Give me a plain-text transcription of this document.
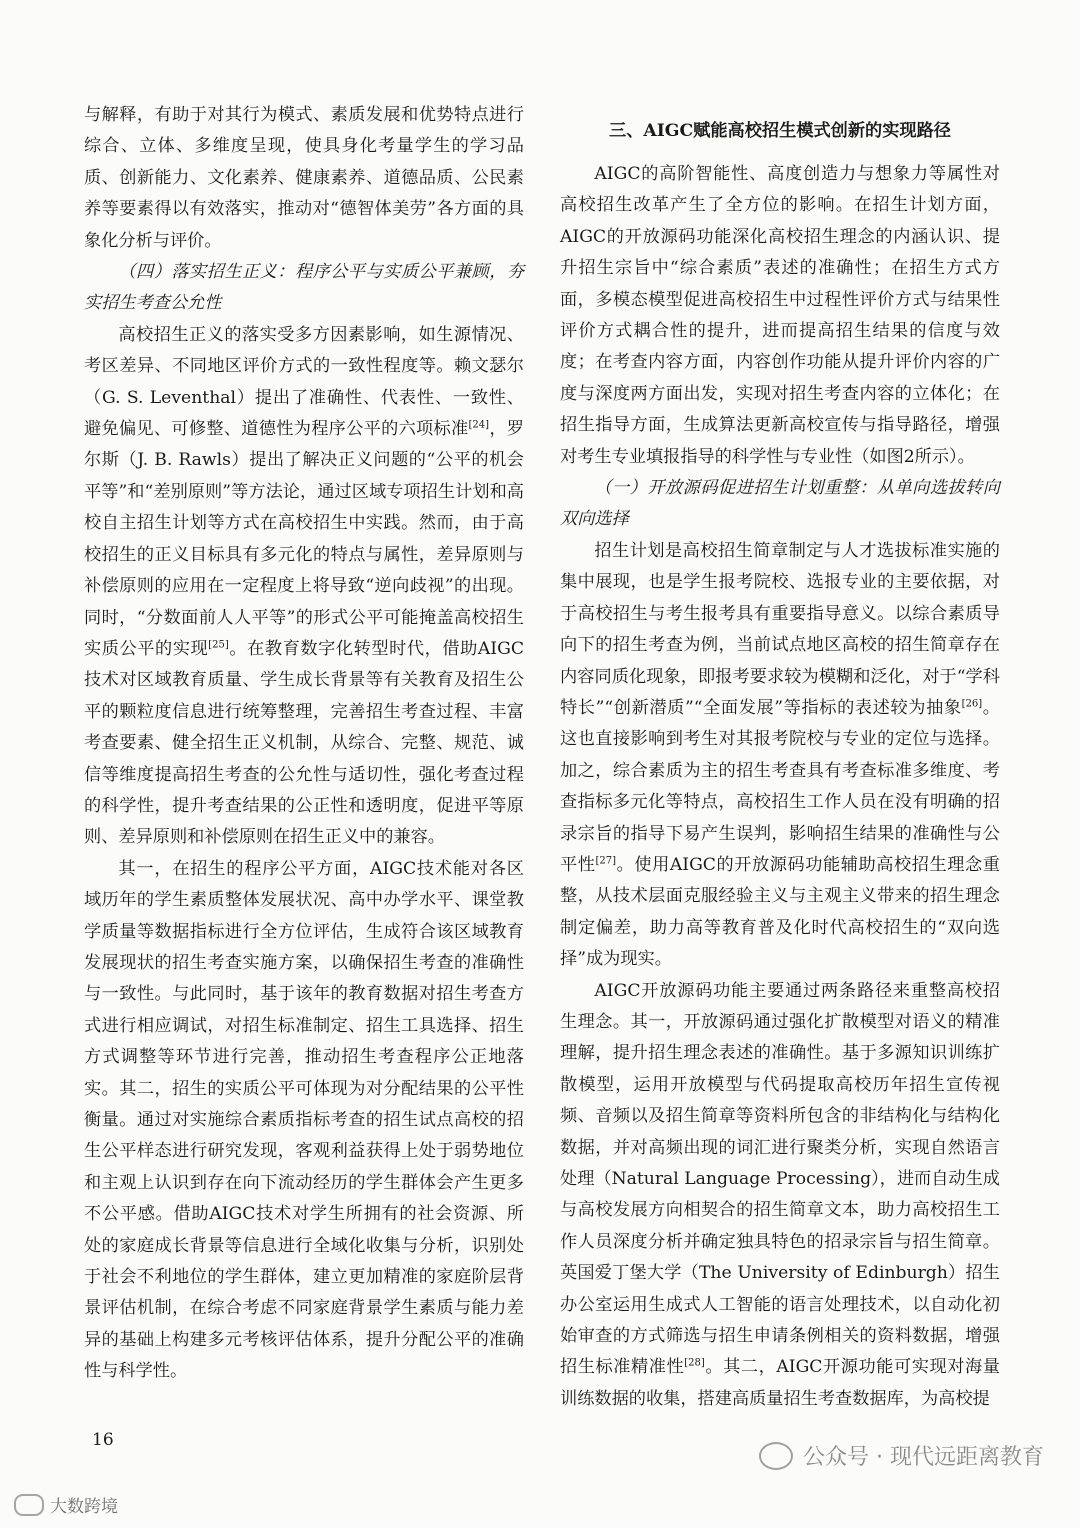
与解释，有助于对其行为模式、素质发展和优势特点进行综合、立体、多维度呈现，使具身化考量学生的学习品质、创新能力、文化素养、健康素养、道德品质、公民素养等要素得以有效落实，推动对“德智体美劳”各方面的具象化分析与评价。

（四）落实招生正义：程序公平与实质公平兼顾，夯实招生考查公允性

高校招生正义的落实受多方因素影响，如生源情况、考区差异、不同地区评价方式的一致性程度等。赖文瑟尔（G. S. Leventhal）提出了准确性、代表性、一致性、避免偏见、可修整、道德性为程序公平的六项标准[24]，罗尔斯（J. B. Rawls）提出了解决正义问题的“公平的机会平等”和“差别原则”等方法论，通过区域专项招生计划和高校自主招生计划等方式在高校招生中实践。然而，由于高校招生的正义目标具有多元化的特点与属性，差异原则与补偿原则的应用在一定程度上将导致“逆向歧视”的出现。同时，“分数面前人人平等”的形式公平可能掩盖高校招生实质公平的实现[25]。在教育数字化转型时代，借助AIGC技术对区域教育质量、学生成长背景等有关教育及招生公平的颗粒度信息进行统筹整理，完善招生考查过程、丰富考查要素、健全招生正义机制，从综合、完整、规范、诚信等维度提高招生考查的公允性与适切性，强化考查过程的科学性，提升考查结果的公正性和透明度，促进平等原则、差异原则和补偿原则在招生正义中的兼容。

其一，在招生的程序公平方面，AIGC技术能对各区域历年的学生素质整体发展状况、高中办学水平、课堂教学质量等数据指标进行全方位评估，生成符合该区域教育发展现状的招生考查实施方案，以确保招生考查的准确性与一致性。与此同时，基于该年的教育数据对招生考查方式进行相应调试，对招生标准制定、招生工具选择、招生方式调整等环节进行完善，推动招生考查程序公正地落实。其二，招生的实质公平可体现为对分配结果的公平性衡量。通过对实施综合素质指标考查的招生试点高校的招生公平样态进行研究发现，客观利益获得上处于弱势地位和主观上认识到存在向下流动经历的学生群体会产生更多不公平感。借助AIGC技术对学生所拥有的社会资源、所处的家庭成长背景等信息进行全域化收集与分析，识别处于社会不利地位的学生群体，建立更加精准的家庭阶层背景评估机制，在综合考虑不同家庭背景学生素质与能力差异的基础上构建多元考核评估体系，提升分配公平的准确性与科学性。

三、AIGC赋能高校招生模式创新的实现路径

AIGC的高阶智能性、高度创造力与想象力等属性对高校招生改革产生了全方位的影响。在招生计划方面，AIGC的开放源码功能深化高校招生理念的内涵认识、提升招生宗旨中“综合素质”表述的准确性；在招生方式方面，多模态模型促进高校招生中过程性评价方式与结果性评价方式耦合性的提升，进而提高招生结果的信度与效度；在考查内容方面，内容创作功能从提升评价内容的广度与深度两方面出发，实现对招生考查内容的立体化；在招生指导方面，生成算法更新高校宣传与指导路径，增强对考生专业填报指导的科学性与专业性（如图2所示）。

（一）开放源码促进招生计划重整：从单向选拔转向双向选择

招生计划是高校招生简章制定与人才选拔标准实施的集中展现，也是学生报考院校、选报专业的主要依据，对于高校招生与考生报考具有重要指导意义。以综合素质导向下的招生考查为例，当前试点地区高校的招生简章存在内容同质化现象，即报考要求较为模糊和泛化，对于“学科特长”“创新潜质”“全面发展”等指标的表述较为抽象[26]。这也直接影响到考生对其报考院校与专业的定位与选择。加之，综合素质为主的招生考查具有考查标准多维度、考查指标多元化等特点，高校招生工作人员在没有明确的招录宗旨的指导下易产生误判，影响招生结果的准确性与公平性[27]。使用AIGC的开放源码功能辅助高校招生理念重整，从技术层面克服经验主义与主观主义带来的招生理念制定偏差，助力高等教育普及化时代高校招生的“双向选择”成为现实。

AIGC开放源码功能主要通过两条路径来重整高校招生理念。其一，开放源码通过强化扩散模型对语义的精准理解，提升招生理念表述的准确性。基于多源知识训练扩散模型，运用开放模型与代码提取高校历年招生宣传视频、音频以及招生简章等资料所包含的非结构化与结构化数据，并对高频出现的词汇进行聚类分析，实现自然语言处理（Natural Language Processing），进而自动生成与高校发展方向相契合的招生简章文本，助力高校招生工作人员深度分析并确定独具特色的招录宗旨与招生简章。英国爱丁堡大学（The University of Edinburgh）招生办公室运用生成式人工智能的语言处理技术，以自动化初始审查的方式筛选与招生申请条例相关的资料数据，增强招生标准精准性[28]。其二，AIGC开源功能可实现对海量训练数据的收集，搭建高质量招生考查数据库，为高校提

16
公众号 · 现代远距离教育
大数跨境
